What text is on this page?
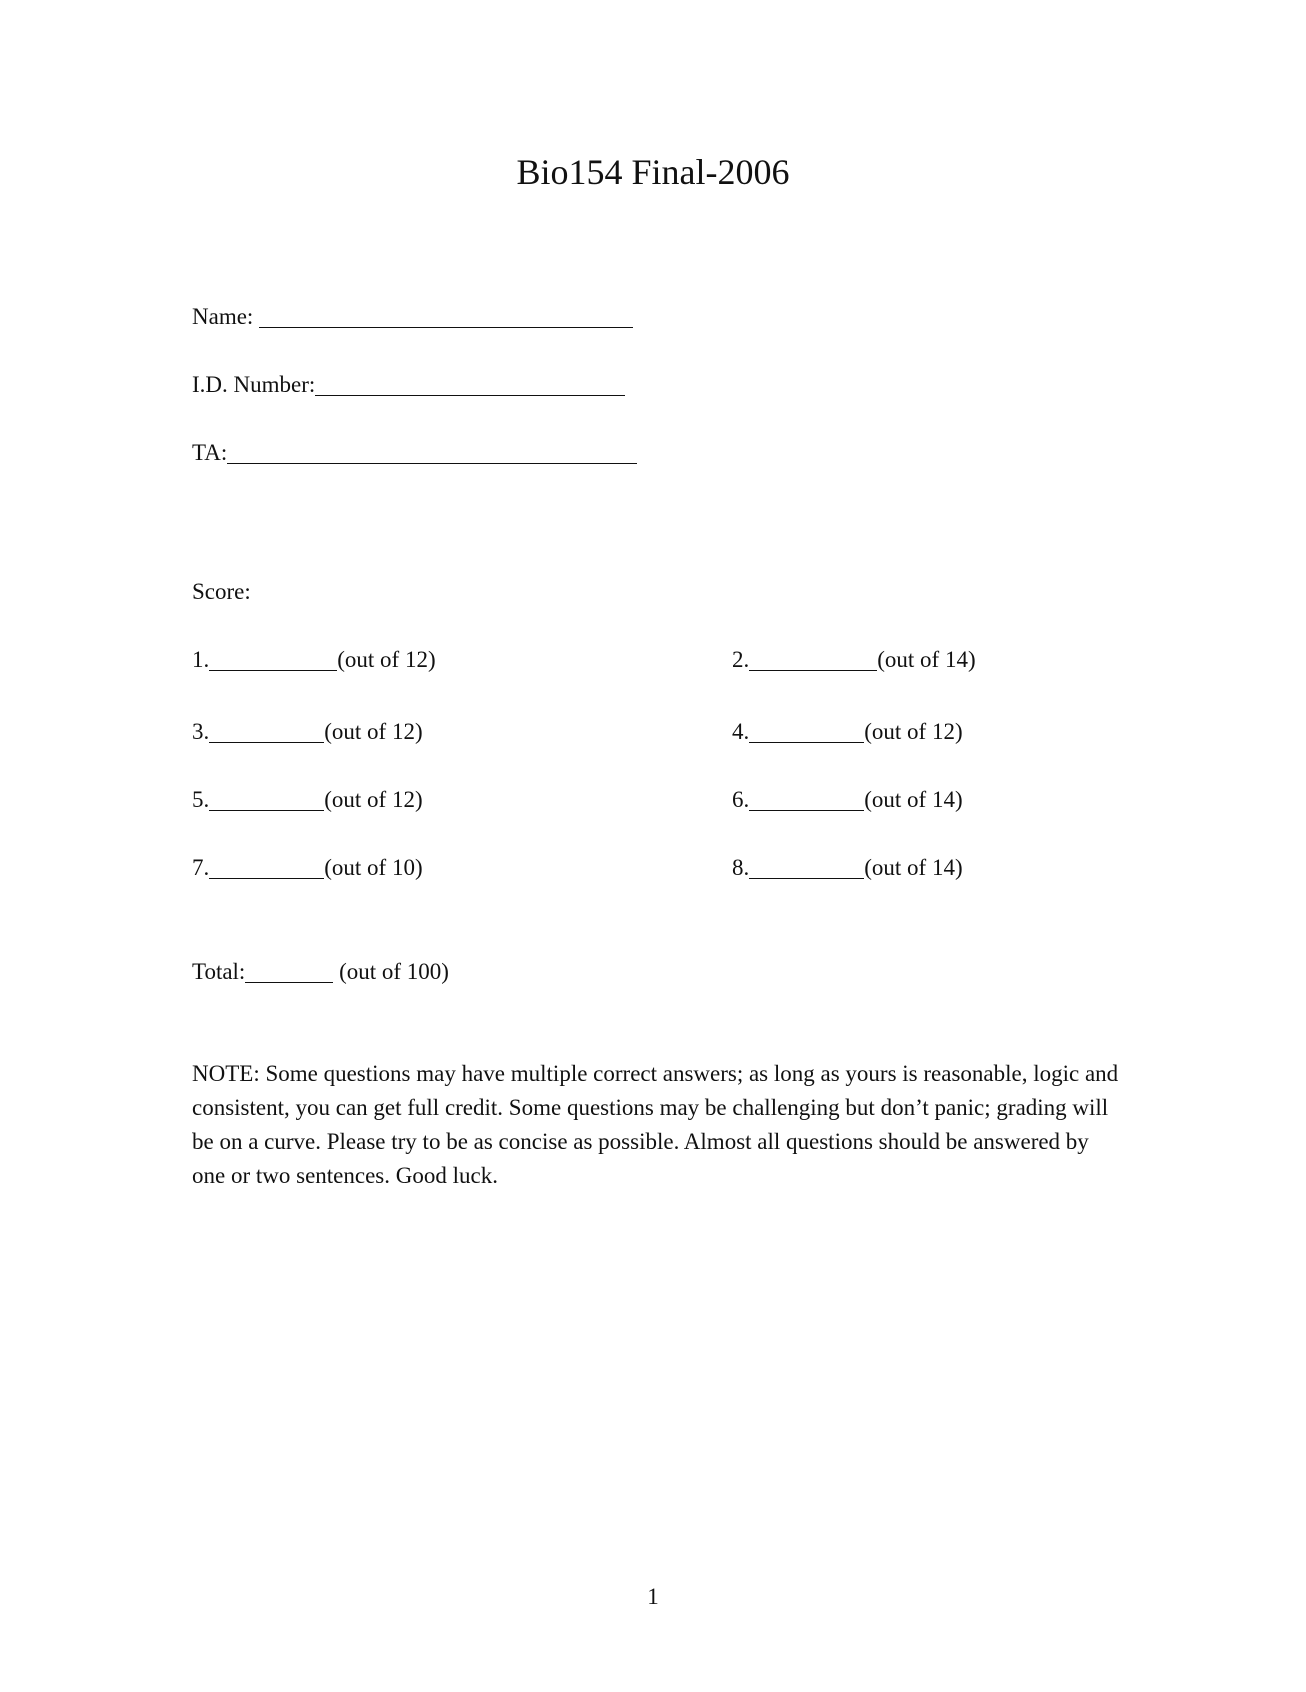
Bio154 Final-2006
Name:
I.D. Number:
TA:
Score:
1.	(out of 12)	2.	(out of 14)
3.	(out of 12)	4.	(out of 12)
5.	(out of 12)	6.	(out of 14)
7.	(out of 10)	8.	(out of 14)
Total:	(out of 100)
NOTE: Some questions may have multiple correct answers; as long as yours is reasonable, logic and consistent, you can get full credit. Some questions may be challenging but don’t panic; grading will be on a curve. Please try to be as concise as possible. Almost all questions should be answered by one or two sentences. Good luck.
1
